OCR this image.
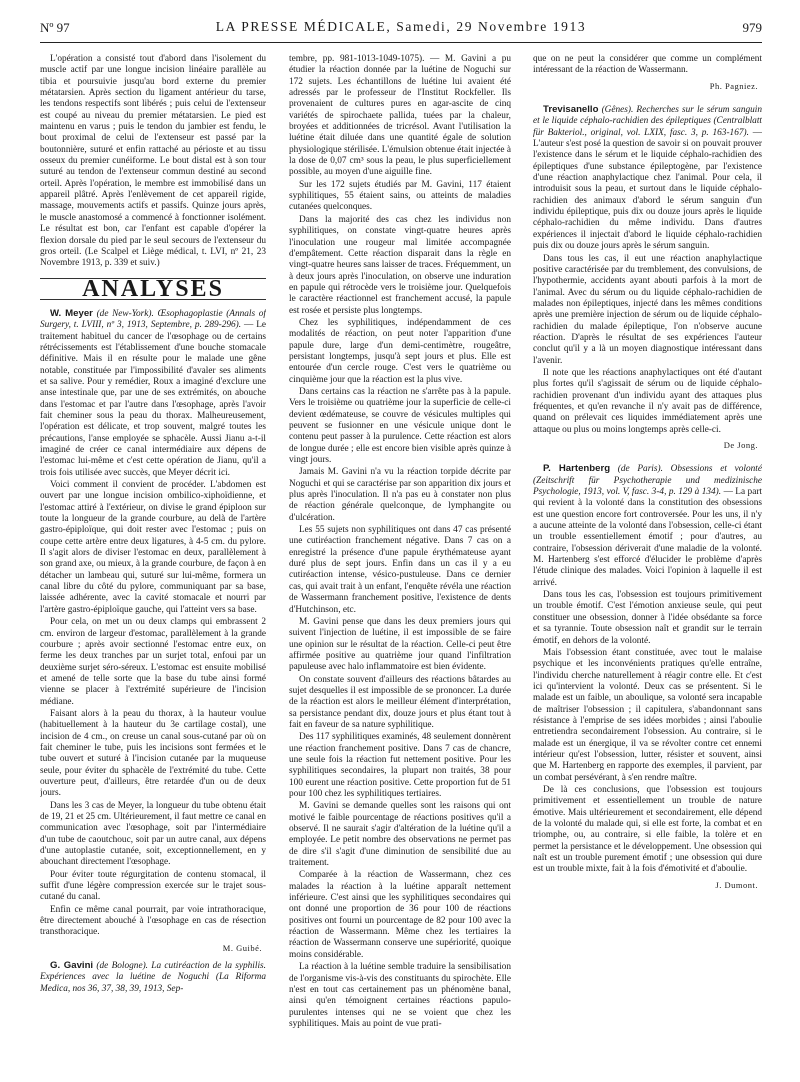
Nº 97	LA PRESSE MÉDICALE, Samedi, 29 Novembre 1913	979

L'opération a consisté tout d'abord dans l'isolement du muscle actif par une longue incision linéaire parallèle au tibia et poursuivie jusqu'au bord externe du premier métatarsien. Après section du ligament antérieur du tarse, les tendons respectifs sont libérés ; puis celui de l'extenseur est coupé au niveau du premier métatarsien. Le pied est maintenu en varus ; puis le tendon du jambier est fendu, le bout proximal de celui de l'extenseur est passé par la boutonnière, suturé et enfin rattaché au périoste et au tissu osseux du premier cunéiforme. Le bout distal est à son tour suturé au tendon de l'extenseur commun destiné au second orteil. Après l'opération, le membre est immobilisé dans un appareil plâtré. Après l'enlèvement de cet appareil rigide, massage, mouvements actifs et passifs. Quinze jours après, le muscle anastomosé a commencé à fonctionner isolément. Le résultat est bon, car l'enfant est capable d'opérer la flexion dorsale du pied par le seul secours de l'extenseur du gros orteil. (Le Scalpel et Liège médical, t. LVI, nº 21, 23 Novembre 1913, p. 339 et suiv.)

ANALYSES

W. Meyer (de New-York). Œsophagoplastie (Annals of Surgery, t. LVIII, nº 3, 1913, Septembre, p. 289-296). — Le traitement habituel du cancer de l'œsophage ou de certains rétrécissements est l'établissement d'une bouche stomacale définitive. Mais il en résulte pour le malade une gêne notable, constituée par l'impossibilité d'avaler ses aliments et sa salive. Pour y remédier, Roux a imaginé d'exclure une anse intestinale que, par une de ses extrémités, on abouche dans l'estomac et par l'autre dans l'œsophage, après l'avoir fait cheminer sous la peau du thorax. Malheureusement, l'opération est délicate, et trop souvent, malgré toutes les précautions, l'anse employée se sphacèle. Aussi Jianu a-t-il imaginé de créer ce canal intermédiaire aux dépens de l'estomac lui-même et c'est cette opération de Jianu, qu'il a trois fois utilisée avec succès, que Meyer décrit ici.

Voici comment il convient de procéder. L'abdomen est ouvert par une longue incision ombilico-xiphoïdienne, et l'estomac attiré à l'extérieur, on divise le grand épiploon sur toute la longueur de la grande courbure, au delà de l'artère gastro-épiploïque, qui doit rester avec l'estomac ; puis on coupe cette artère entre deux ligatures, à 4-5 cm. du pylore. Il s'agit alors de diviser l'estomac en deux, parallèlement à son grand axe, ou mieux, à la grande courbure, de façon à en détacher un lambeau qui, suturé sur lui-même, formera un canal libre du côté du pylore, communiquant par sa base, laissée adhérente, avec la cavité stomacale et nourri par l'artère gastro-épiploïque gauche, qui l'atteint vers sa base.

Pour cela, on met un ou deux clamps qui embrassent 2 cm. environ de largeur d'estomac, parallèlement à la grande courbure ; après avoir sectionné l'estomac entre eux, on ferme les deux tranches par un surjet total, enfoui par un deuxième surjet séro-séreux. L'estomac est ensuite mobilisé et amené de telle sorte que la base du tube ainsi formé vienne se placer à l'extrémité supérieure de l'incision médiane.

Faisant alors à la peau du thorax, à la hauteur voulue (habituellement à la hauteur du 3e cartilage costal), une incision de 4 cm., on creuse un canal sous-cutané par où on fait cheminer le tube, puis les incisions sont fermées et le tube ouvert et suturé à l'incision cutanée par la muqueuse seule, pour éviter du sphacèle de l'extrémité du tube. Cette ouverture peut, d'ailleurs, être retardée d'un ou de deux jours.

Dans les 3 cas de Meyer, la longueur du tube obtenu était de 19, 21 et 25 cm. Ultérieurement, il faut mettre ce canal en communication avec l'œsophage, soit par l'intermédiaire d'un tube de caoutchouc, soit par un autre canal, aux dépens d'une autoplastie cutanée, soit, exceptionnellement, en y abouchant directement l'œsophage.

Pour éviter toute régurgitation de contenu stomacal, il suffit d'une légère compression exercée sur le trajet sous-cutané du canal.

Enfin ce même canal pourrait, par voie intrathoracique, être directement abouché à l'œsophage en cas de résection transthoracique.

M. Guibé.

G. Gavini (de Bologne). La cutiréaction de la syphilis. Expériences avec la luétine de Noguchi (La Riforma Medica, nos 36, 37, 38, 39, 1913, Sep-

tembre, pp. 981-1013-1049-1075). — M. Gavini a pu étudier la réaction donnée par la luétine de Noguchi sur 172 sujets. Les échantillons de luétine lui avaient été adressés par le professeur de l'Institut Rockfeller. Ils provenaient de cultures pures en agar-ascite de cinq variétés de spirochaete pallida, tuées par la chaleur, broyées et additionnées de tricrésol. Avant l'utilisation la luétine était diluée dans une quantité égale de solution physiologique stérilisée. L'émulsion obtenue était injectée à la dose de 0,07 cm³ sous la peau, le plus superficiellement possible, au moyen d'une aiguille fine.

Sur les 172 sujets étudiés par M. Gavini, 117 étaient syphilitiques, 55 étaient sains, ou atteints de maladies cutanées quelconques.

Dans la majorité des cas chez les individus non syphilitiques, on constate vingt-quatre heures après l'inoculation une rougeur mal limitée accompagnée d'empâtement. Cette réaction disparait dans la règle en vingt-quatre heures sans laisser de traces. Fréquemment, un à deux jours après l'inoculation, on observe une induration en papule qui rétrocède vers le troisième jour. Quelquefois le caractère réactionnel est franchement accusé, la papule est rosée et persiste plus longtemps.

Chez les syphilitiques, indépendamment de ces modalités de réaction, on peut noter l'apparition d'une papule dure, large d'un demi-centimètre, rougeâtre, persistant longtemps, jusqu'à sept jours et plus. Elle est entourée d'un cercle rouge. C'est vers le quatrième ou cinquième jour que la réaction est la plus vive.

Dans certains cas la réaction ne s'arrête pas à la papule. Vers le troisième ou quatrième jour la superficie de celle-ci devient œdémateuse, se couvre de vésicules multiples qui peuvent se fusionner en une vésicule unique dont le contenu peut passer à la purulence. Cette réaction est alors de longue durée ; elle est encore bien visible après quinze à vingt jours.

Jamais M. Gavini n'a vu la réaction torpide décrite par Noguchi et qui se caractérise par son apparition dix jours et plus après l'inoculation. Il n'a pas eu à constater non plus de réaction générale quelconque, de lymphangite ou d'ulcération.

Les 55 sujets non syphilitiques ont dans 47 cas présenté une cutiréaction franchement négative. Dans 7 cas on a enregistré la présence d'une papule érythémateuse ayant duré plus de sept jours. Enfin dans un cas il y a eu cutiréaction intense, vésico-pustuleuse. Dans ce dernier cas, qui avait trait à un enfant, l'enquête révéla une réaction de Wassermann franchement positive, l'existence de dents d'Hutchinson, etc.

M. Gavini pense que dans les deux premiers jours qui suivent l'injection de luétine, il est impossible de se faire une opinion sur le résultat de la réaction. Celle-ci peut être affirmée positive au quatrième jour quand l'infiltration papuleuse avec halo inflammatoire est bien évidente.

On constate souvent d'ailleurs des réactions bâtardes au sujet desquelles il est impossible de se prononcer. La durée de la réaction est alors le meilleur élément d'interprétation, sa persistance pendant dix, douze jours et plus étant tout à fait en faveur de sa nature syphilitique.

Des 117 syphilitiques examinés, 48 seulement donnèrent une réaction franchement positive. Dans 7 cas de chancre, une seule fois la réaction fut nettement positive. Pour les syphilitiques secondaires, la plupart non traités, 38 pour 100 eurent une réaction positive. Cette proportion fut de 51 pour 100 chez les syphilitiques tertiaires.

M. Gavini se demande quelles sont les raisons qui ont motivé le faible pourcentage de réactions positives qu'il a observé. Il ne saurait s'agir d'altération de la luétine qu'il a employée. Le petit nombre des observations ne permet pas de dire s'il s'agit d'une diminution de sensibilité due au traitement.

Comparée à la réaction de Wassermann, chez ces malades la réaction à la luétine apparaît nettement inférieure. C'est ainsi que les syphilitiques secondaires qui ont donné une proportion de 36 pour 100 de réactions positives ont fourni un pourcentage de 82 pour 100 avec la réaction de Wassermann. Même chez les tertiaires la réaction de Wassermann conserve une supériorité, quoique moins considérable.

La réaction à la luétine semble traduire la sensibilisation de l'organisme vis-à-vis des constituants du spirochète. Elle n'est en tout cas certainement pas un phénomène banal, ainsi qu'en témoignent certaines réactions papulo-purulentes intenses qui ne se voient que chez les syphilitiques. Mais au point de vue prati-

que on ne peut la considérer que comme un complément intéressant de la réaction de Wassermann.

Ph. Pagniez.

Trevisanello (Gênes). Recherches sur le sérum sanguin et le liquide céphalo-rachidien des épileptiques (Centralblatt für Bakteriol., original, vol. LXIX, fasc. 3, p. 163-167). — L'auteur s'est posé la question de savoir si on pouvait prouver l'existence dans le sérum et le liquide céphalo-rachidien des épileptiques d'une substance épileptogène, par l'existence d'une réaction anaphylactique chez l'animal. Pour cela, il introduisit sous la peau, et surtout dans le liquide céphalo-rachidien des animaux d'abord le sérum sanguin d'un individu épileptique, puis dix ou douze jours après le liquide céphalo-rachidien du même individu. Dans d'autres expériences il injectait d'abord le liquide céphalo-rachidien puis dix ou douze jours après le sérum sanguin.

Dans tous les cas, il eut une réaction anaphylactique positive caractérisée par du tremblement, des convulsions, de l'hypothermie, accidents ayant abouti parfois à la mort de l'animal. Avec du sérum ou du liquide céphalo-rachidien de malades non épileptiques, injecté dans les mêmes conditions après une première injection de sérum ou de liquide céphalo-rachidien du malade épileptique, l'on n'observe aucune réaction. D'après le résultat de ses expériences l'auteur conclut qu'il y a là un moyen diagnostique intéressant dans l'avenir.

Il note que les réactions anaphylactiques ont été d'autant plus fortes qu'il s'agissait de sérum ou de liquide céphalo-rachidien provenant d'un individu ayant des attaques plus fréquentes, et qu'en revanche il n'y avait pas de différence, quand on prélevait ces liquides immédiatement après une attaque ou plus ou moins longtemps après celle-ci.

De Jong.

P. Hartenberg (de Paris). Obsessions et volonté (Zeitschrift für Psychotherapie und medizinische Psychologie, 1913, vol. V, fasc. 3-4, p. 129 à 134). — La part qui revient à la volonté dans la constitution des obsessions est une question encore fort controversée. Pour les uns, il n'y a aucune atteinte de la volonté dans l'obsession, celle-ci étant un trouble essentiellement émotif ; pour d'autres, au contraire, l'obsession dériverait d'une maladie de la volonté. M. Hartenberg s'est efforcé d'élucider le problème d'après l'étude clinique des malades. Voici l'opinion à laquelle il est arrivé.

Dans tous les cas, l'obsession est toujours primitivement un trouble émotif. C'est l'émotion anxieuse seule, qui peut constituer une obsession, donner à l'idée obsédante sa force et sa tyrannie. Toute obsession naît et grandit sur le terrain émotif, en dehors de la volonté.

Mais l'obsession étant constituée, avec tout le malaise psychique et les inconvénients pratiques qu'elle entraîne, l'individu cherche naturellement à réagir contre elle. Et c'est ici qu'intervient la volonté. Deux cas se présentent. Si le malade est un faible, un aboulique, sa volonté sera incapable de maîtriser l'obsession ; il capitulera, s'abandonnant sans résistance à l'emprise de ses idées morbides ; ainsi l'aboulie entretiendra secondairement l'obsession. Au contraire, si le malade est un énergique, il va se révolter contre cet ennemi intérieur qu'est l'obsession, lutter, résister et souvent, ainsi que M. Hartenberg en rapporte des exemples, il parvient, par un combat persévérant, à s'en rendre maître.

De là ces conclusions, que l'obsession est toujours primitivement et essentiellement un trouble de nature émotive. Mais ultérieurement et secondairement, elle dépend de la volonté du malade qui, si elle est forte, la combat et en triomphe, ou, au contraire, si elle faible, la tolère et en permet la persistance et le développement. Une obsession qui naît est un trouble purement émotif ; une obsession qui dure est un trouble mixte, fait à la fois d'émotivité et d'aboulie.

J. Dumont.
